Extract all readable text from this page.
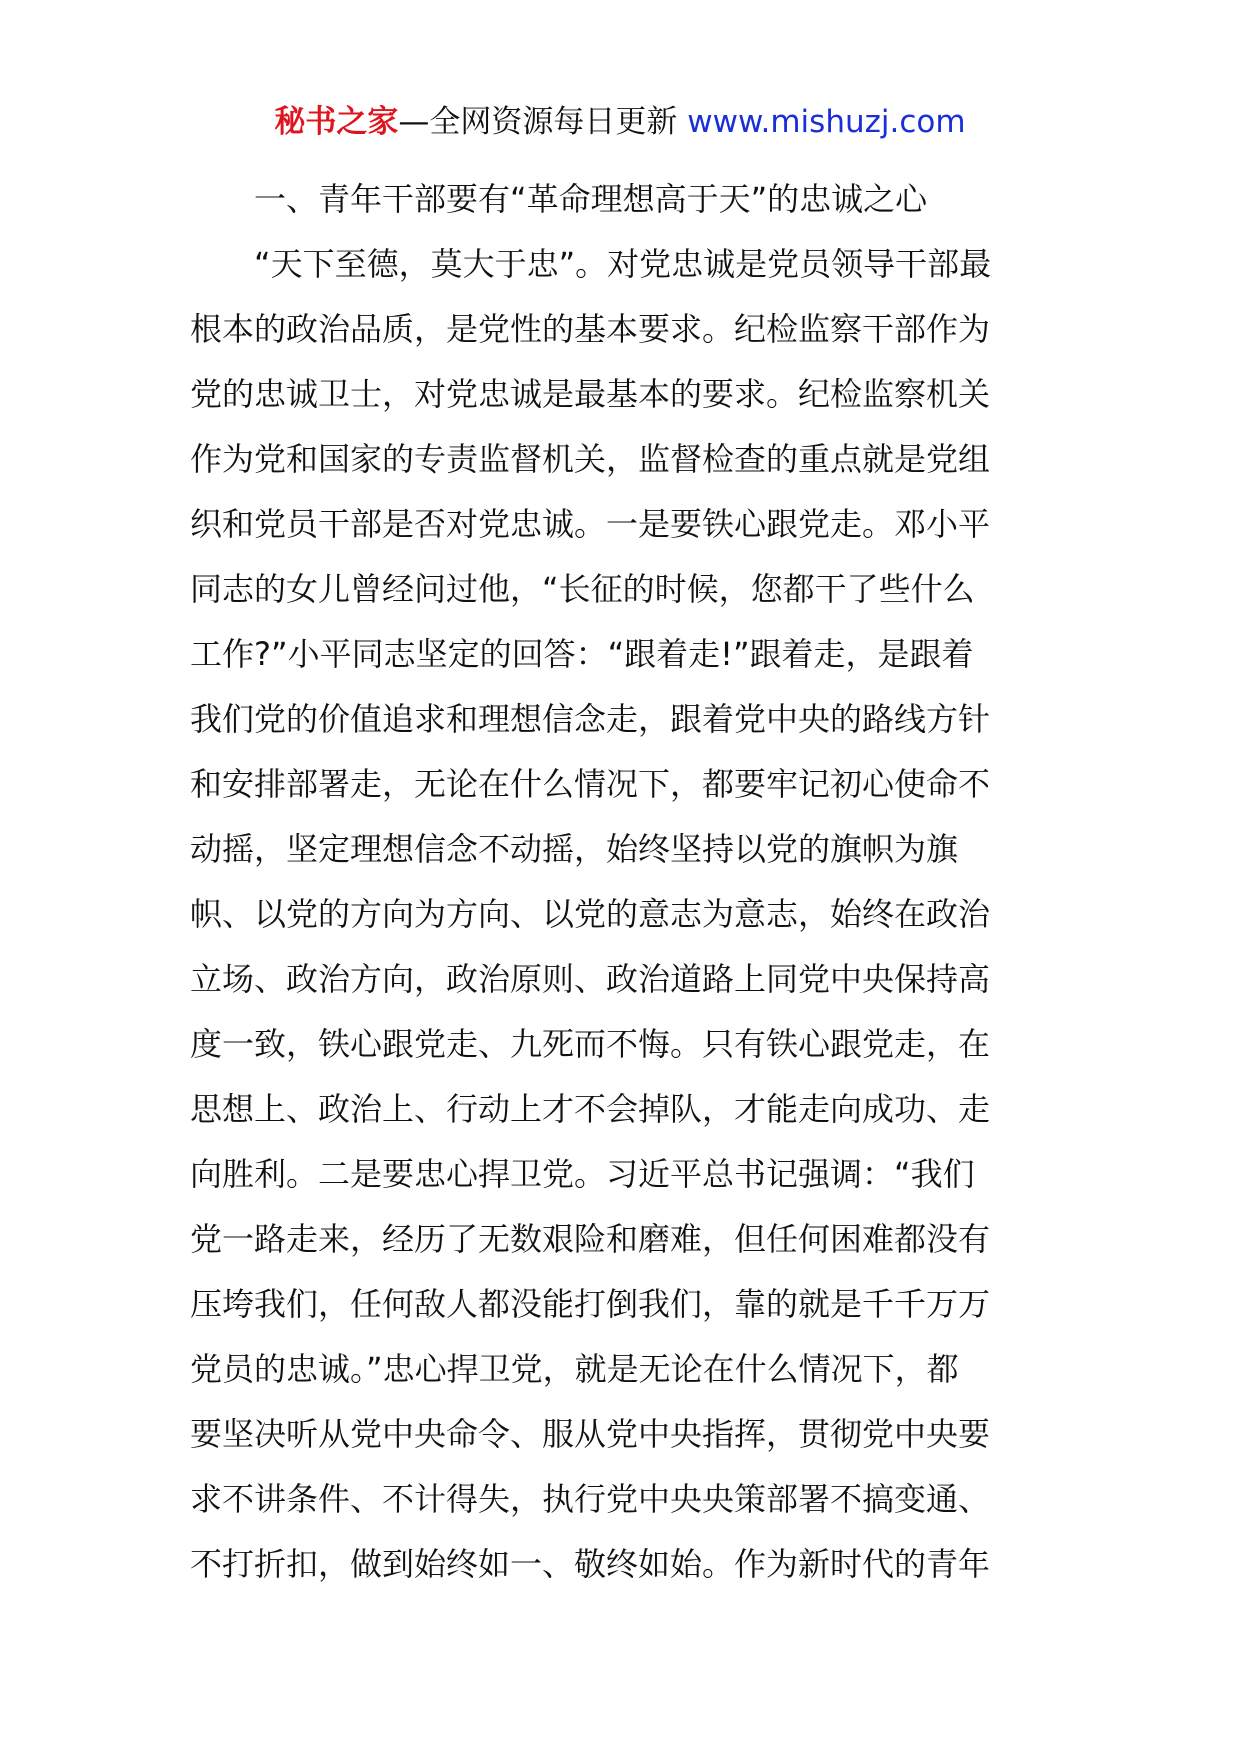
秘书之家—全网资源每日更新 www.mishuzj.com
一、青年干部要有“革命理想高于天”的忠诚之心
“天下至德，莫大于忠”。对党忠诚是党员领导干部最
根本的政治品质，是党性的基本要求。纪检监察干部作为
党的忠诚卫士，对党忠诚是最基本的要求。纪检监察机关
作为党和国家的专责监督机关，监督检查的重点就是党组
织和党员干部是否对党忠诚。一是要铁心跟党走。邓小平
同志的女儿曾经问过他，“长征的时候，您都干了些什么
工作?”小平同志坚定的回答：“跟着走!”跟着走，是跟着
我们党的价值追求和理想信念走，跟着党中央的路线方针
和安排部署走，无论在什么情况下，都要牢记初心使命不
动摇，坚定理想信念不动摇，始终坚持以党的旗帜为旗
帜、以党的方向为方向、以党的意志为意志，始终在政治
立场、政治方向，政治原则、政治道路上同党中央保持高
度一致，铁心跟党走、九死而不悔。只有铁心跟党走，在
思想上、政治上、行动上才不会掉队，才能走向成功、走
向胜利。二是要忠心捍卫党。习近平总书记强调：“我们
党一路走来，经历了无数艰险和磨难，但任何困难都没有
压垮我们，任何敌人都没能打倒我们，靠的就是千千万万
党员的忠诚。”忠心捍卫党，就是无论在什么情况下，都
要坚决听从党中央命令、服从党中央指挥，贯彻党中央要
求不讲条件、不计得失，执行党中央央策部署不搞变通、
不打折扣，做到始终如一、敬终如始。作为新时代的青年
